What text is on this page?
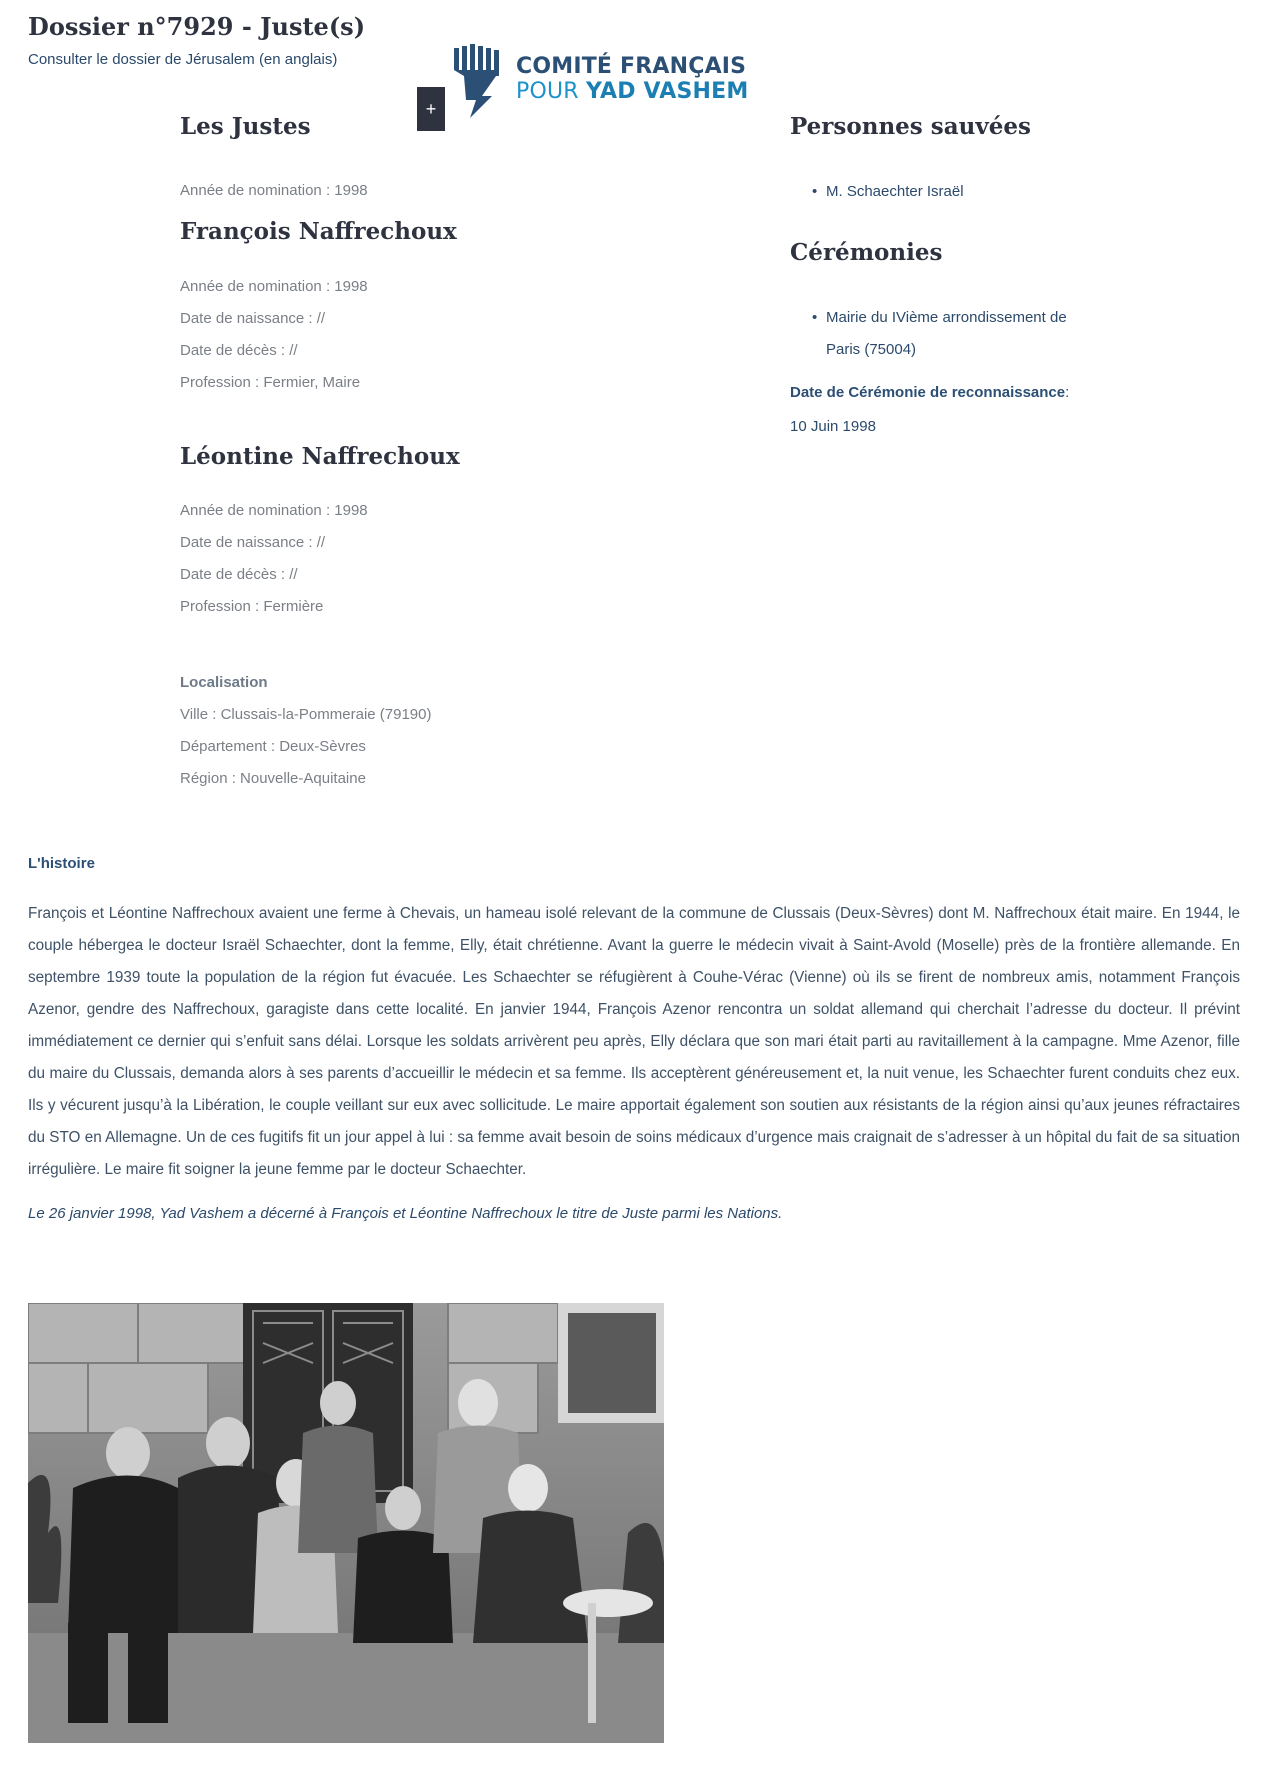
Dossier n°7929 - Juste(s)
Consulter le dossier de Jérusalem (en anglais)	COMITÉ FRANÇAIS
POUR YAD VASHEM
+
Les Justes
Année de nomination : 1998
François Naffrechoux
Année de nomination : 1998
Date de naissance : //
Date de décès : //
Profession : Fermier, Maire
Léontine Naffrechoux
Année de nomination : 1998
Date de naissance : //
Date de décès : //
Profession : Fermière
Localisation
Ville : Clussais-la-Pommeraie (79190)
Département : Deux-Sèvres
Région : Nouvelle-Aquitaine
Personnes sauvées
• M. Schaechter Israël
Cérémonies
• Mairie du IVième arrondissement de
Paris (75004)
Date de Cérémonie de reconnaissance:
10 Juin 1998
L'histoire
François et Léontine Naffrechoux avaient une ferme à Chevais, un hameau isolé relevant de la commune de Clussais (Deux-Sèvres) dont M. Naffrechoux était maire. En 1944, le couple hébergea le docteur Israël Schaechter, dont la femme, Elly, était chrétienne. Avant la guerre le médecin vivait à Saint-Avold (Moselle) près de la frontière allemande. En septembre 1939 toute la population de la région fut évacuée. Les Schaechter se réfugièrent à Couhe-Vérac (Vienne) où ils se firent de nombreux amis, notamment François Azenor, gendre des Naffrechoux, garagiste dans cette localité. En janvier 1944, François Azenor rencontra un soldat allemand qui cherchait l’adresse du docteur. Il prévint immédiatement ce dernier qui s’enfuit sans délai. Lorsque les soldats arrivèrent peu après, Elly déclara que son mari était parti au ravitaillement à la campagne. Mme Azenor, fille du maire du Clussais, demanda alors à ses parents d’accueillir le médecin et sa femme. Ils acceptèrent généreusement et, la nuit venue, les Schaechter furent conduits chez eux. Ils y vécurent jusqu’à la Libération, le couple veillant sur eux avec sollicitude. Le maire apportait également son soutien aux résistants de la région ainsi qu’aux jeunes réfractaires du STO en Allemagne. Un de ces fugitifs fit un jour appel à lui : sa femme avait besoin de soins médicaux d’urgence mais craignait de s’adresser à un hôpital du fait de sa situation irrégulière. Le maire fit soigner la jeune femme par le docteur Schaechter.
Le 26 janvier 1998, Yad Vashem a décerné à François et Léontine Naffrechoux le titre de Juste parmi les Nations.
